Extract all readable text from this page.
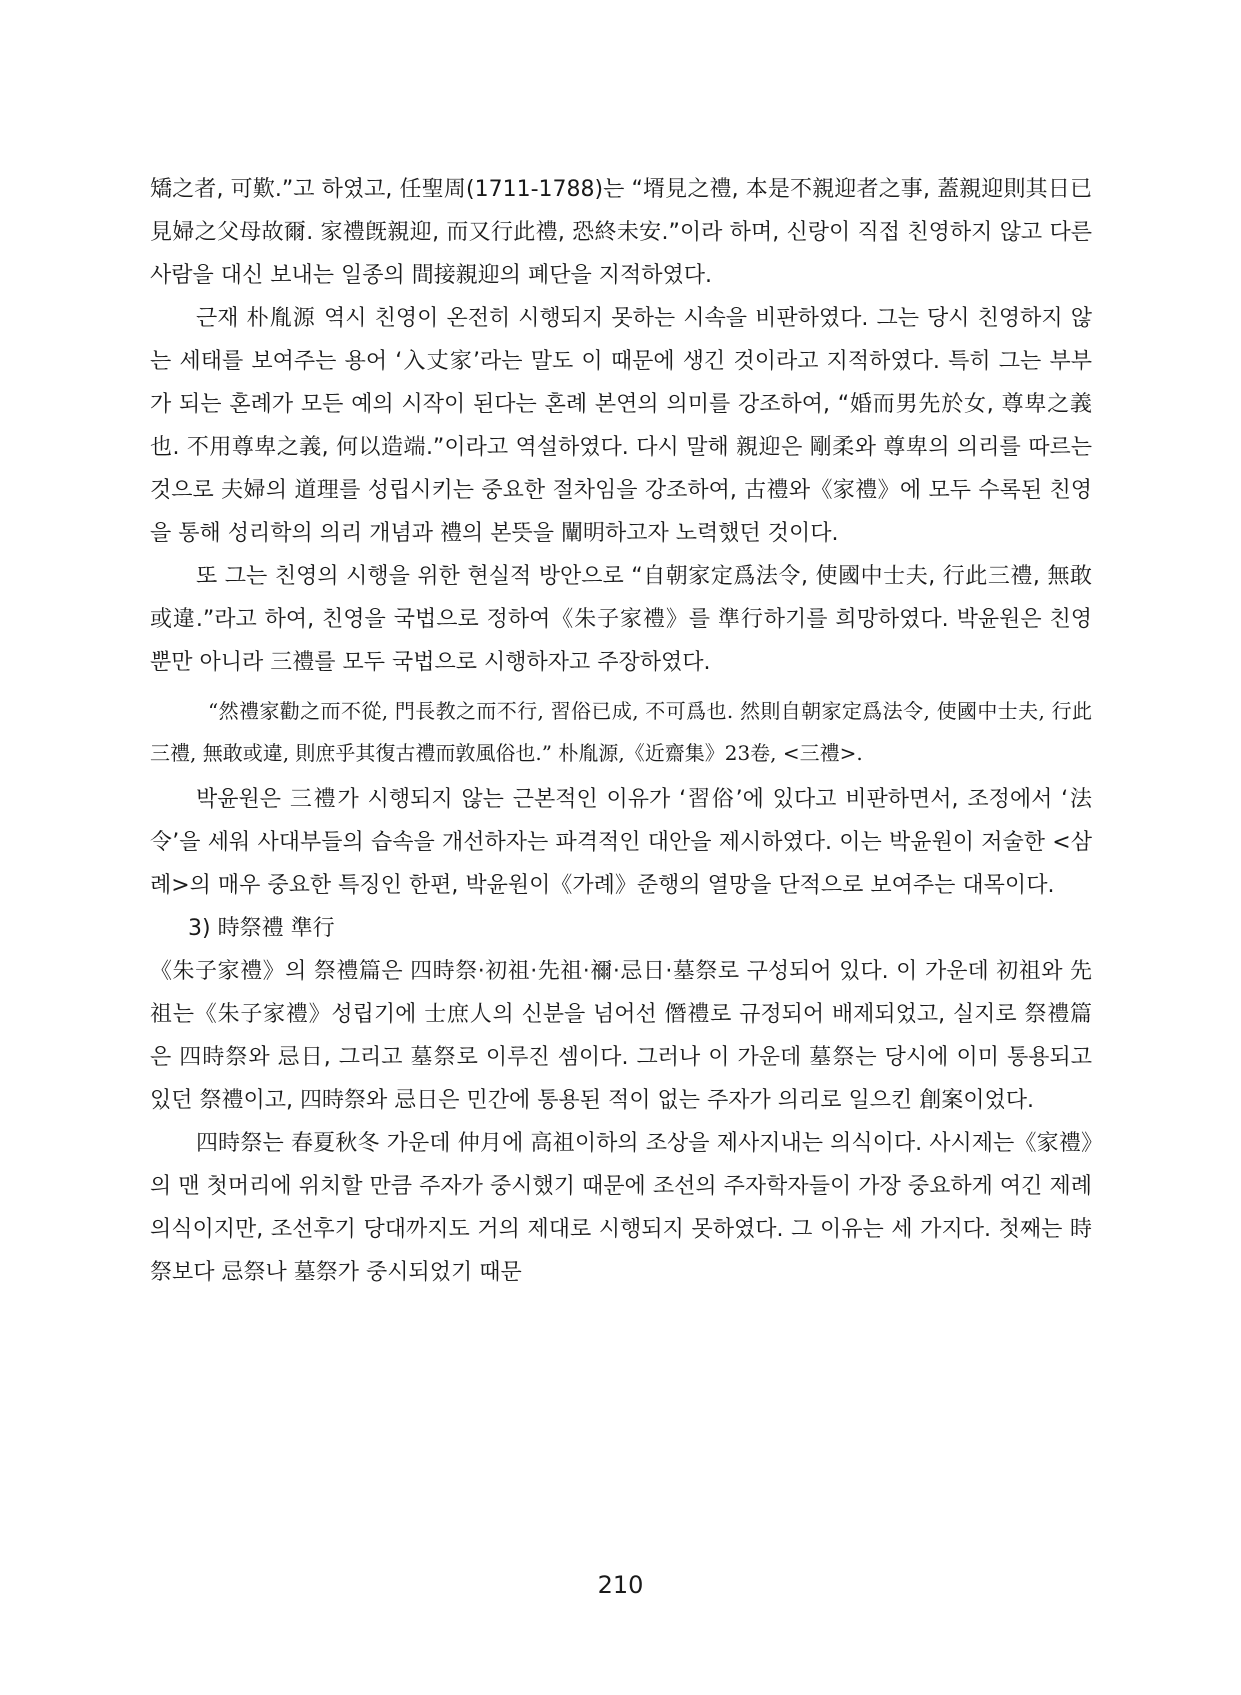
矯之者, 可歎.”고 하였고, 任聖周(1711-1788)는 “壻見之禮, 本是不親迎者之事, 蓋親迎則其日已見婦之父母故爾. 家禮旣親迎, 而又行此禮, 恐終未安.”이라 하며, 신랑이 직접 친영하지 않고 다른 사람을 대신 보내는 일종의 間接親迎의 폐단을 지적하였다.

근재 朴胤源 역시 친영이 온전히 시행되지 못하는 시속을 비판하였다. 그는 당시 친영하지 않는 세태를 보여주는 용어 ‘入丈家’라는 말도 이 때문에 생긴 것이라고 지적하였다. 특히 그는 부부가 되는 혼례가 모든 예의 시작이 된다는 혼례 본연의 의미를 강조하여, “婚而男先於女, 尊卑之義也. 不用尊卑之義, 何以造端.”이라고 역설하였다. 다시 말해 親迎은 剛柔와 尊卑의 의리를 따르는 것으로 夫婦의 道理를 성립시키는 중요한 절차임을 강조하여, 古禮와《家禮》에 모두 수록된 친영을 통해 성리학의 의리 개념과 禮의 본뜻을 闡明하고자 노력했던 것이다.

또 그는 친영의 시행을 위한 현실적 방안으로 “自朝家定爲法令, 使國中士夫, 行此三禮, 無敢或違.”라고 하여, 친영을 국법으로 정하여《朱子家禮》를 準行하기를 희망하였다. 박윤원은 친영뿐만 아니라 三禮를 모두 국법으로 시행하자고 주장하였다.

“然禮家勸之而不從, 門長教之而不行, 習俗已成, 不可爲也. 然則自朝家定爲法令, 使國中士夫, 行此三禮, 無敢或違, 則庶乎其復古禮而敦風俗也.” 朴胤源,《近齋集》23卷, <三禮>.

박윤원은 三禮가 시행되지 않는 근본적인 이유가 ‘習俗’에 있다고 비판하면서, 조정에서 ‘法令’을 세워 사대부들의 습속을 개선하자는 파격적인 대안을 제시하였다. 이는 박윤원이 저술한 <삼례>의 매우 중요한 특징인 한편, 박윤원이《가례》준행의 열망을 단적으로 보여주는 대목이다.

3) 時祭禮 準行

《朱子家禮》의 祭禮篇은 四時祭·初祖·先祖·禰·忌日·墓祭로 구성되어 있다. 이 가운데 初祖와 先祖는《朱子家禮》성립기에 士庶人의 신분을 넘어선 僭禮로 규정되어 배제되었고, 실지로 祭禮篇은 四時祭와 忌日, 그리고 墓祭로 이루진 셈이다. 그러나 이 가운데 墓祭는 당시에 이미 통용되고 있던 祭禮이고, 四時祭와 忌日은 민간에 통용된 적이 없는 주자가 의리로 일으킨 創案이었다.

四時祭는 春夏秋冬 가운데 仲月에 高祖이하의 조상을 제사지내는 의식이다. 사시제는《家禮》의 맨 첫머리에 위치할 만큼 주자가 중시했기 때문에 조선의 주자학자들이 가장 중요하게 여긴 제례의식이지만, 조선후기 당대까지도 거의 제대로 시행되지 못하였다. 그 이유는 세 가지다. 첫째는 時祭보다 忌祭나 墓祭가 중시되었기 때문

210
